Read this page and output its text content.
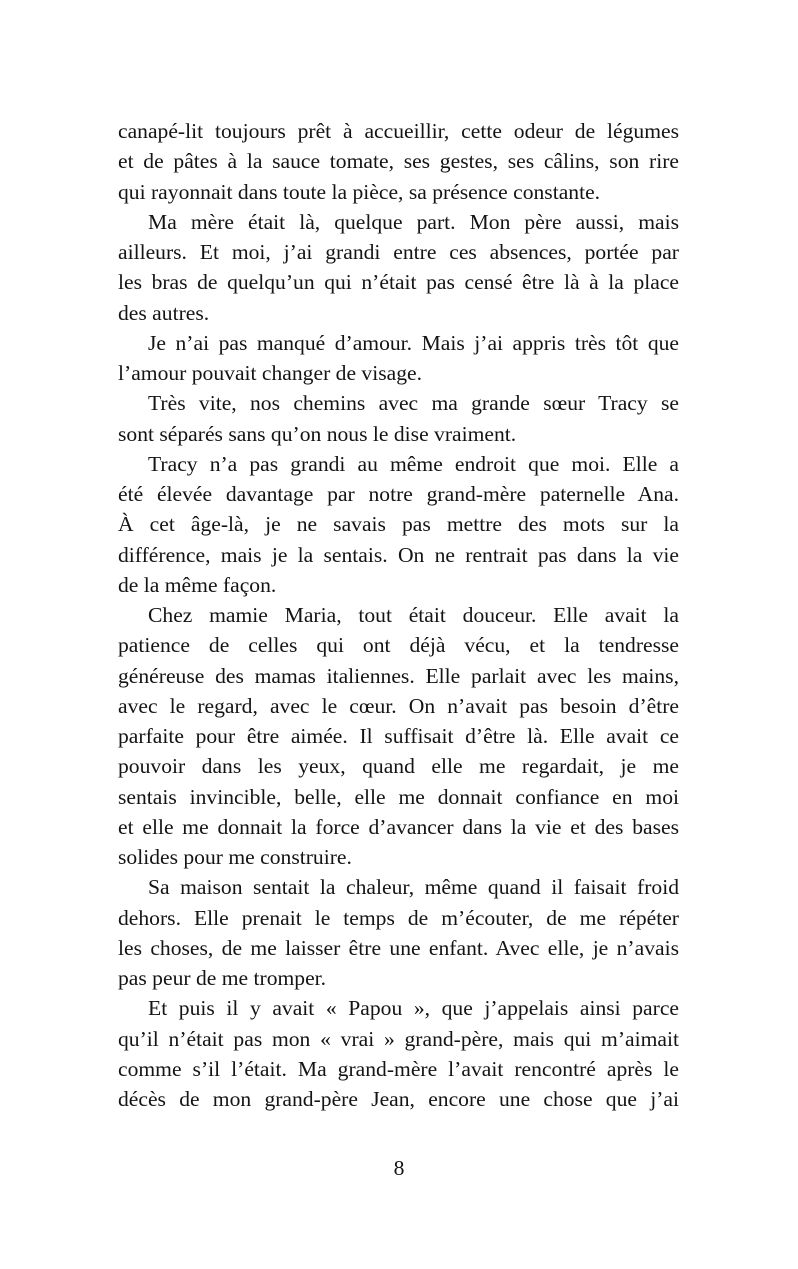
canapé-lit toujours prêt à accueillir, cette odeur de légumes
et de pâtes à la sauce tomate, ses gestes, ses câlins, son rire
qui rayonnait dans toute la pièce, sa présence constante.
Ma mère était là, quelque part. Mon père aussi, mais
ailleurs. Et moi, j’ai grandi entre ces absences, portée par
les bras de quelqu’un qui n’était pas censé être là à la place
des autres.
Je n’ai pas manqué d’amour. Mais j’ai appris très tôt que
l’amour pouvait changer de visage.
Très vite, nos chemins avec ma grande sœur Tracy se
sont séparés sans qu’on nous le dise vraiment.
Tracy n’a pas grandi au même endroit que moi. Elle a
été élevée davantage par notre grand-mère paternelle Ana.
À cet âge-là, je ne savais pas mettre des mots sur la
différence, mais je la sentais. On ne rentrait pas dans la vie
de la même façon.
Chez mamie Maria, tout était douceur. Elle avait la
patience de celles qui ont déjà vécu, et la tendresse
généreuse des mamas italiennes. Elle parlait avec les mains,
avec le regard, avec le cœur. On n’avait pas besoin d’être
parfaite pour être aimée. Il suffisait d’être là. Elle avait ce
pouvoir dans les yeux, quand elle me regardait, je me
sentais invincible, belle, elle me donnait confiance en moi
et elle me donnait la force d’avancer dans la vie et des bases
solides pour me construire.
Sa maison sentait la chaleur, même quand il faisait froid
dehors. Elle prenait le temps de m’écouter, de me répéter
les choses, de me laisser être une enfant. Avec elle, je n’avais
pas peur de me tromper.
Et puis il y avait « Papou », que j’appelais ainsi parce
qu’il n’était pas mon « vrai » grand-père, mais qui m’aimait
comme s’il l’était. Ma grand-mère l’avait rencontré après le
décès de mon grand-père Jean, encore une chose que j’ai
8
